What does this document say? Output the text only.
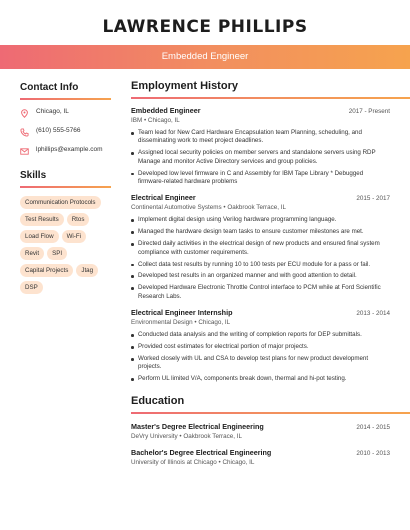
LAWRENCE PHILLIPS
Embedded Engineer
Contact Info
Chicago, IL
(610) 555-5766
lphillips@example.com
Skills
Communication Protocols
Test Results	Rtos
Load Flow	Wi-Fi
Revit	SPI
Capital Projects	Jtag
DSP
Employment History
Embedded Engineer	2017 - Present
IBM • Chicago, IL
Team lead for New Card Hardware Encapsulation team Planning, scheduling, and disseminating work to meet project deadlines.
Assigned local security policies on member servers and standalone servers using RDP Manage and monitor Active Directory services and group policies.
Developed low level firmware in C and Assembly for IBM Tape Library * Debugged firmware-related hardware problems
Electrical Engineer	2015 - 2017
Continental Automotive Systems • Oakbrook Terrace, IL
Implement digital design using Verilog hardware programming language.
Managed the hardware design team tasks to ensure customer milestones are met.
Directed daily activities in the electrical design of new products and ensured final system compliance with customer requirements.
Collect data test results by running 10 to 100 tests per ECU module for a pass or fail.
Developed test results in an organized manner and with good attention to detail.
Developed Hardware Electronic Throttle Control interface to PCM while at Ford Scientific Research Labs.
Electrical Engineer Internship	2013 - 2014
Environmental Design • Chicago, IL
Conducted data analysis and the writing of completion reports for DEP submittals.
Provided cost estimates for electrical portion of major projects.
Worked closely with UL and CSA to develop test plans for new product development projects.
Perform UL limited V/A, components break down, thermal and hi-pot testing.
Education
Master's Degree Electrical Engineering	2014 - 2015
DeVry University • Oakbrook Terrace, IL
Bachelor's Degree Electrical Engineering	2010 - 2013
University of Illinois at Chicago • Chicago, IL
